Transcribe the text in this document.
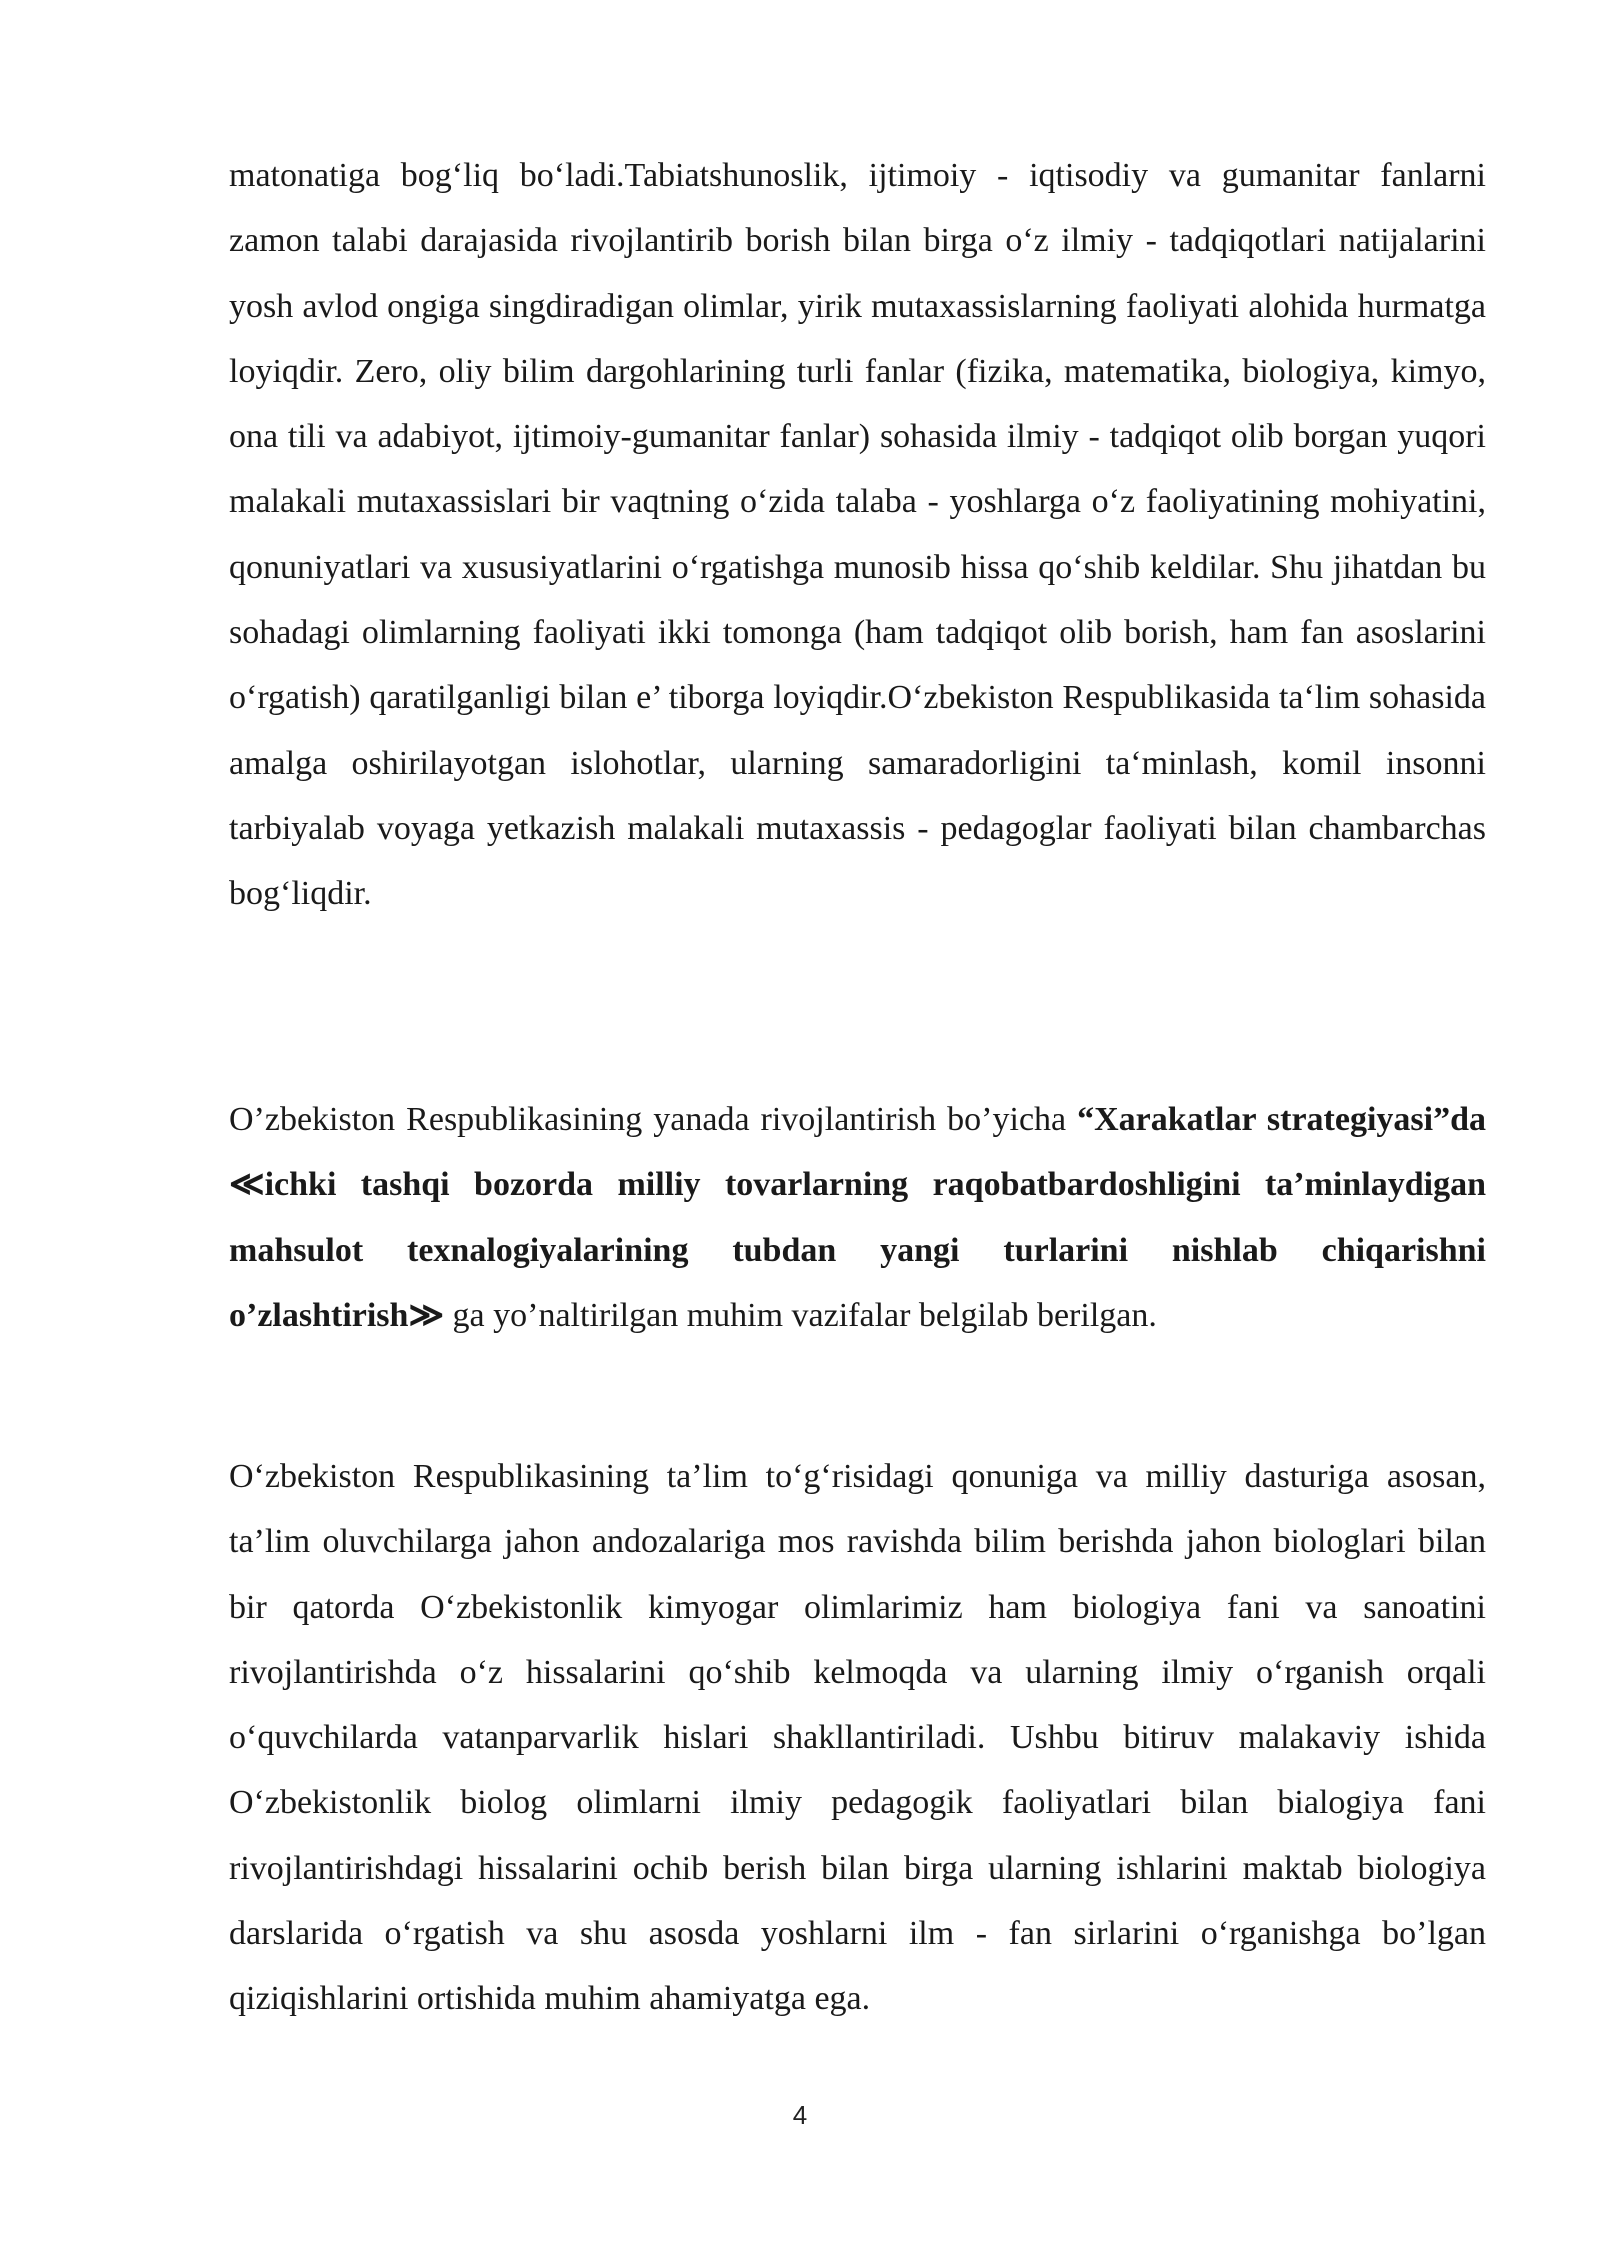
matonatiga bog‘liq bo‘ladi.Tabiatshunoslik, ijtimoiy - iqtisodiy va gumanitar fanlarni zamon talabi darajasida rivojlantirib borish bilan birga o‘z ilmiy - tadqiqotlari natijalarini yosh avlod ongiga singdiradigan olimlar, yirik mutaxassislarning faoliyati alohida hurmatga loyiqdir. Zero, oliy bilim dargohlarining turli fanlar (fizika, matematika, biologiya, kimyo, ona tili va adabiyot, ijtimoiy-gumanitar fanlar) sohasida ilmiy - tadqiqot olib borgan yuqori malakali mutaxassislari bir vaqtning o‘zida talaba - yoshlarga o‘z faoliyatining mohiyatini, qonuniyatlari va xususiyatlarini o‘rgatishga munosib hissa qo‘shib keldilar. Shu jihatdan bu sohadagi olimlarning faoliyati ikki tomonga (ham tadqiqot olib borish, ham fan asoslarini o‘rgatish) qaratilganligi bilan e’ tiborga loyiqdir.O‘zbekiston Respublikasida ta‘lim sohasida amalga oshirilayotgan islohotlar, ularning samaradorligini ta‘minlash, komil insonni tarbiyalab voyaga yetkazish malakali mutaxassis - pedagoglar faoliyati bilan chambarchas bog‘liqdir.

O’zbekiston Respublikasining yanada rivojlantirish bo’yicha “Xarakatlar strategiyasi”da ≪ichki tashqi bozorda milliy tovarlarning raqobatbardoshligini ta’minlaydigan mahsulot texnalogiyalarining tubdan yangi turlarini nishlab chiqarishni o’zlashtirish≫ ga yo’naltirilgan muhim vazifalar belgilab berilgan.

O‘zbekiston Respublikasining ta’lim to‘g‘risidagi qonuniga va milliy dasturiga asosan, ta’lim oluvchilarga jahon andozalariga mos ravishda bilim berishda jahon biologlari bilan bir qatorda O‘zbekistonlik kimyogar olimlarimiz ham biologiya fani va sanoatini rivojlantirishda o‘z hissalarini qo‘shib kelmoqda va ularning ilmiy o‘rganish orqali o‘quvchilarda vatanparvarlik hislari shakllantiriladi. Ushbu bitiruv malakaviy ishida O‘zbekistonlik biolog olimlarni ilmiy pedagogik faoliyatlari bilan bialogiya fani rivojlantirishdagi hissalarini ochib berish bilan birga ularning ishlarini maktab biologiya darslarida o‘rgatish va shu asosda yoshlarni ilm - fan sirlarini o‘rganishga bo’lgan qiziqishlarini ortishida muhim ahamiyatga ega.

4
